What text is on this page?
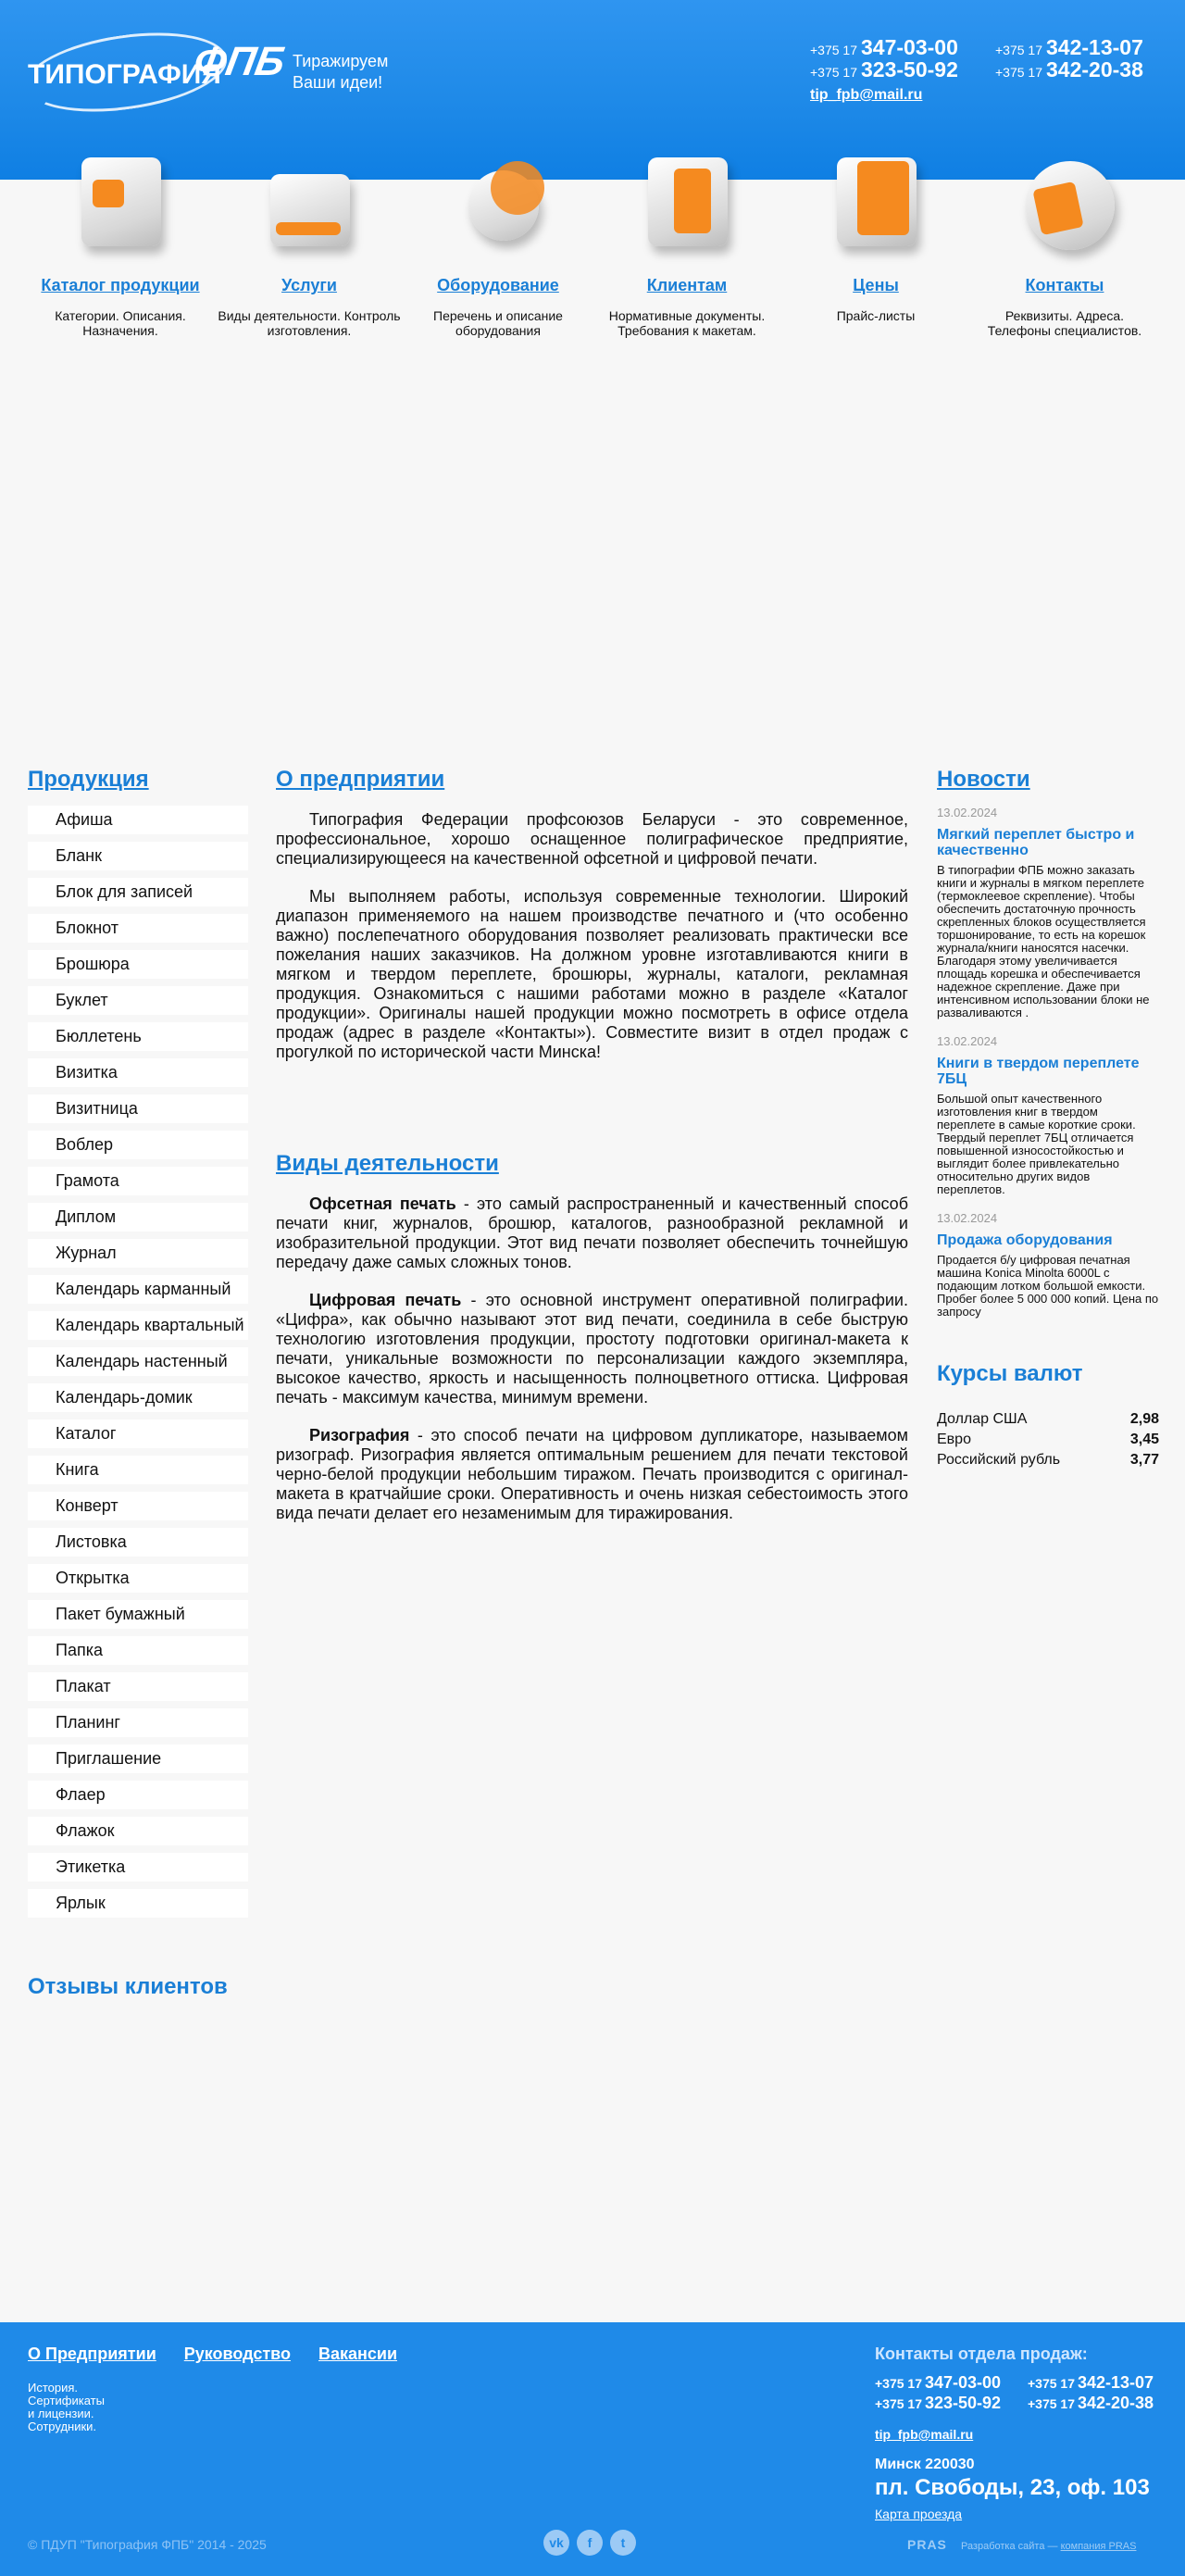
ТИПОГРАФИЯ
ФПБ Тиражируем
Ваши идеи!
+375 17 347-03-00	+375 17 342-13-07
+375 17 323-50-92	+375 17 342-20-38
tip_fpb@mail.ru
Каталог продукции
Категории. Описания. Назначения.
Услуги
Виды деятельности. Контроль изготовления.
Оборудование
Перечень и описание оборудования
Клиентам
Нормативные документы. Требования к макетам.
Цены
Прайс-листы
Контакты
Реквизиты. Адреса. Телефоны специалистов.
Продукция
Афиша
Бланк
Блок для записей
Блокнот
Брошюра
Буклет
Бюллетень
Визитка
Визитница
Воблер
Грамота
Диплом
Журнал
Календарь карманный
Календарь квартальный
Календарь настенный
Календарь-домик
Каталог
Книга
Конверт
Листовка
Открытка
Пакет бумажный
Папка
Плакат
Планинг
Приглашение
Флаер
Флажок
Этикетка
Ярлык
О предприятии

Типография Федерации профсоюзов Беларуси - это современное, профессиональное, хорошо оснащенное полиграфическое предприятие, специализирующееся на качественной офсетной и цифровой печати.

Мы выполняем работы, используя современные технологии. Широкий диапазон применяемого на нашем производстве печатного и (что особенно важно) послепечатного оборудования позволяет реализовать практически все пожелания наших заказчиков. На должном уровне изготавливаются книги в мягком и твердом переплете, брошюры, журналы, каталоги, рекламная продукция. Ознакомиться с нашими работами можно в разделе «Каталог продукции». Оригиналы нашей продукции можно посмотреть в офисе отдела продаж (адрес в разделе «Контакты»). Совместите визит в отдел продаж с прогулкой по исторической части Минска!

Виды деятельности

Офсетная печать - это самый распространенный и качественный способ печати книг, журналов, брошюр, каталогов, разнообразной рекламной и изобразительной продукции. Этот вид печати позволяет обеспечить точнейшую передачу даже самых сложных тонов.

Цифровая печать - это основной инструмент оперативной полиграфии. «Цифра», как обычно называют этот вид печати, соединила в себе быструю технологию изготовления продукции, простоту подготовки оригинал-макета к печати, уникальные возможности по персонализации каждого экземпляра, высокое качество, яркость и насыщенность полноцветного оттиска. Цифровая печать - максимум качества, минимум времени.

Ризография - это способ печати на цифровом дупликаторе, называемом ризограф. Ризография является оптимальным решением для печати текстовой черно-белой продукции небольшим тиражом. Печать производится с оригинал-макета в кратчайшие сроки. Оперативность и очень низкая себестоимость этого вида печати делает его незаменимым для тиражирования.

Новости
13.02.2024
Мягкий переплет быстро и качественно
В типографии ФПБ можно заказать книги и журналы в мягком переплете (термоклеевое скрепление). Чтобы обеспечить достаточную прочность скрепленных блоков осуществляется торшонирование, то есть на корешок журнала/книги наносятся насечки. Благодаря этому увеличивается площадь корешка и обеспечивается надежное скрепление. Даже при интенсивном использовании блоки не разваливаются .
13.02.2024
Книги в твердом переплете 7БЦ
Большой опыт качественного изготовления книг в твердом переплете в самые короткие сроки. Твердый переплет 7БЦ отличается повышенной износостойкостью и выглядит более привлекательно относительно других видов переплетов.
13.02.2024
Продажа оборудования
Продается б/у цифровая печатная машина Konica Minolta 6000L с подающим лотком большой емкости. Пробег более 5 000 000 копий. Цена по запросу
Курсы валют
Доллар США	2,98
Евро	3,45
Российский рубль	3,77
Отзывы клиентов
О Предприятии Руководство Вакансии
История.
Сертификаты
и лицензии.
Сотрудники.
Контакты отдела продаж:
+375 17 347-03-00 +375 17 342-13-07
+375 17 323-50-92 +375 17 342-20-38
tip_fpb@mail.ru
Минск 220030
пл. Свободы, 23, оф. 103
Карта проезда
© ПДУП "Типография ФПБ" 2014 - 2025	vk	f	t	PRAS Разработка сайта — компания PRAS
